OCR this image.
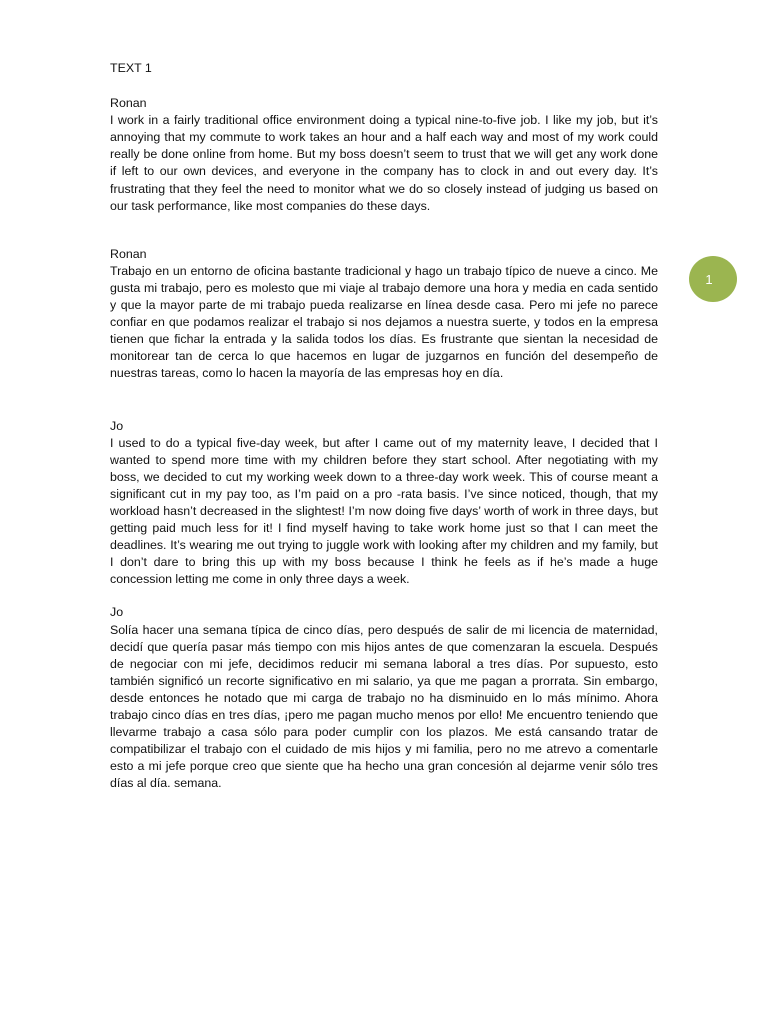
TEXT 1

Ronan

I work in a fairly traditional office environment doing a typical nine-to-five job. I like my job, but it’s annoying that my commute to work takes an hour and a half each way and most of my work could really be done online from home. But my boss doesn’t seem to trust that we will get any work done if left to our own devices, and everyone in the company has to clock in and out every day. It’s frustrating that they feel the need to monitor what we do so closely instead of judging us based on our task performance, like most companies do these days.

Ronan

Trabajo en un entorno de oficina bastante tradicional y hago un trabajo típico de nueve a cinco. Me gusta mi trabajo, pero es molesto que mi viaje al trabajo demore una hora y media en cada sentido y que la mayor parte de mi trabajo pueda realizarse en línea desde casa. Pero mi jefe no parece confiar en que podamos realizar el trabajo si nos dejamos a nuestra suerte, y todos en la empresa tienen que fichar la entrada y la salida todos los días. Es frustrante que sientan la necesidad de monitorear tan de cerca lo que hacemos en lugar de juzgarnos en función del desempeño de nuestras tareas, como lo hacen la mayoría de las empresas hoy en día.

Jo

I used to do a typical five-day week, but after I came out of my maternity leave, I decided that I wanted to spend more time with my children before they start school. After negotiating with my boss, we decided to cut my working week down to a three-day work week. This of course meant a significant cut in my pay too, as I’m paid on a pro -rata basis. I’ve since noticed, though, that my workload hasn’t decreased in the slightest! I’m now doing five days’ worth of work in three days, but getting paid much less for it! I find myself having to take work home just so that I can meet the deadlines. It’s wearing me out trying to juggle work with looking after my children and my family, but I don’t dare to bring this up with my boss because I think he feels as if he’s made a huge concession letting me come in only three days a week.

Jo

Solía hacer una semana típica de cinco días, pero después de salir de mi licencia de maternidad, decidí que quería pasar más tiempo con mis hijos antes de que comenzaran la escuela. Después de negociar con mi jefe, decidimos reducir mi semana laboral a tres días. Por supuesto, esto también significó un recorte significativo en mi salario, ya que me pagan a prorrata. Sin embargo, desde entonces he notado que mi carga de trabajo no ha disminuido en lo más mínimo. Ahora trabajo cinco días en tres días, ¡pero me pagan mucho menos por ello! Me encuentro teniendo que llevarme trabajo a casa sólo para poder cumplir con los plazos. Me está cansando tratar de compatibilizar el trabajo con el cuidado de mis hijos y mi familia, pero no me atrevo a comentarle esto a mi jefe porque creo que siente que ha hecho una gran concesión al dejarme venir sólo tres días al día. semana.

1
